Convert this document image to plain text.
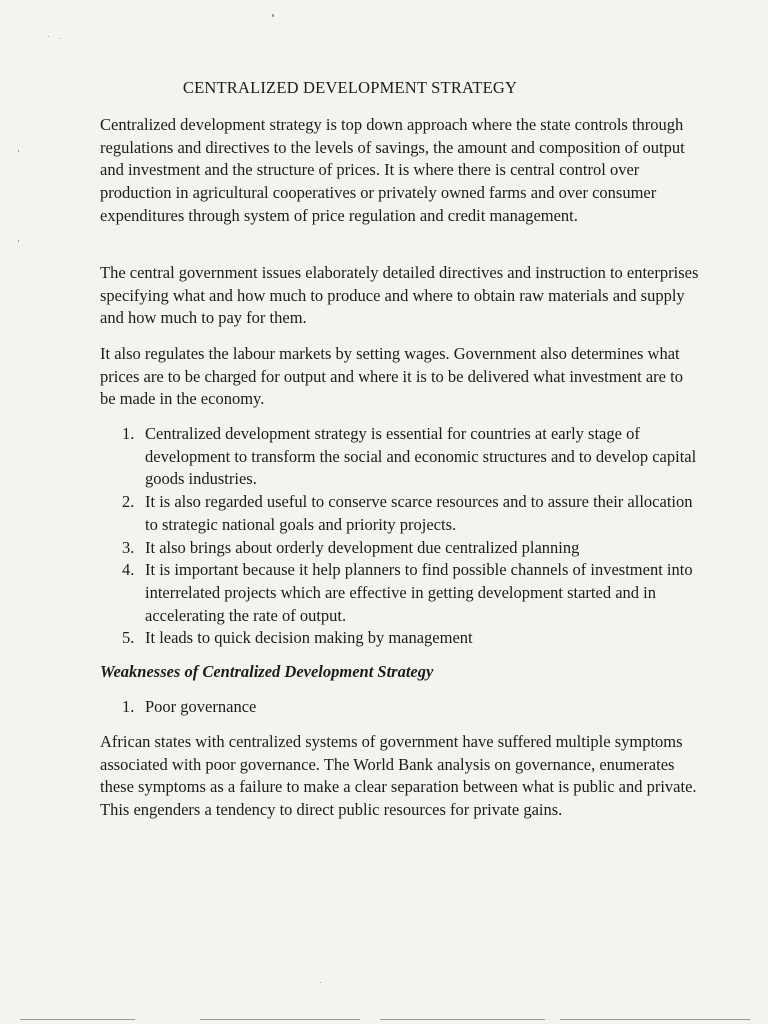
CENTRALIZED DEVELOPMENT STRATEGY

Centralized development strategy is top down approach where the state controls through regulations and directives to the levels of savings, the amount and composition of output and investment and the structure of prices. It is where there is central control over production in agricultural cooperatives or privately owned farms and over consumer expenditures through system of price regulation and credit management.

The central government issues elaborately detailed directives and instruction to enterprises specifying what and how much to produce and where to obtain raw materials and supply and how much to pay for them.

It also regulates the labour markets by setting wages. Government also determines what prices are to be charged for output and where it is to be delivered what investment are to be made in the economy.

1. Centralized development strategy is essential for countries at early stage of development to transform the social and economic structures and to develop capital goods industries.
2. It is also regarded useful to conserve scarce resources and to assure their allocation to strategic national goals and priority projects.
3. It also brings about orderly development due centralized planning
4. It is important because it help planners to find possible channels of investment into interrelated projects which are effective in getting development started and in accelerating the rate of output.
5. It leads to quick decision making by management
Weaknesses of Centralized Development Strategy
1. Poor governance

African states with centralized systems of government have suffered multiple symptoms associated with poor governance. The World Bank analysis on governance, enumerates these symptoms as a failure to make a clear separation between what is public and private. This engenders a tendency to direct public resources for private gains.
